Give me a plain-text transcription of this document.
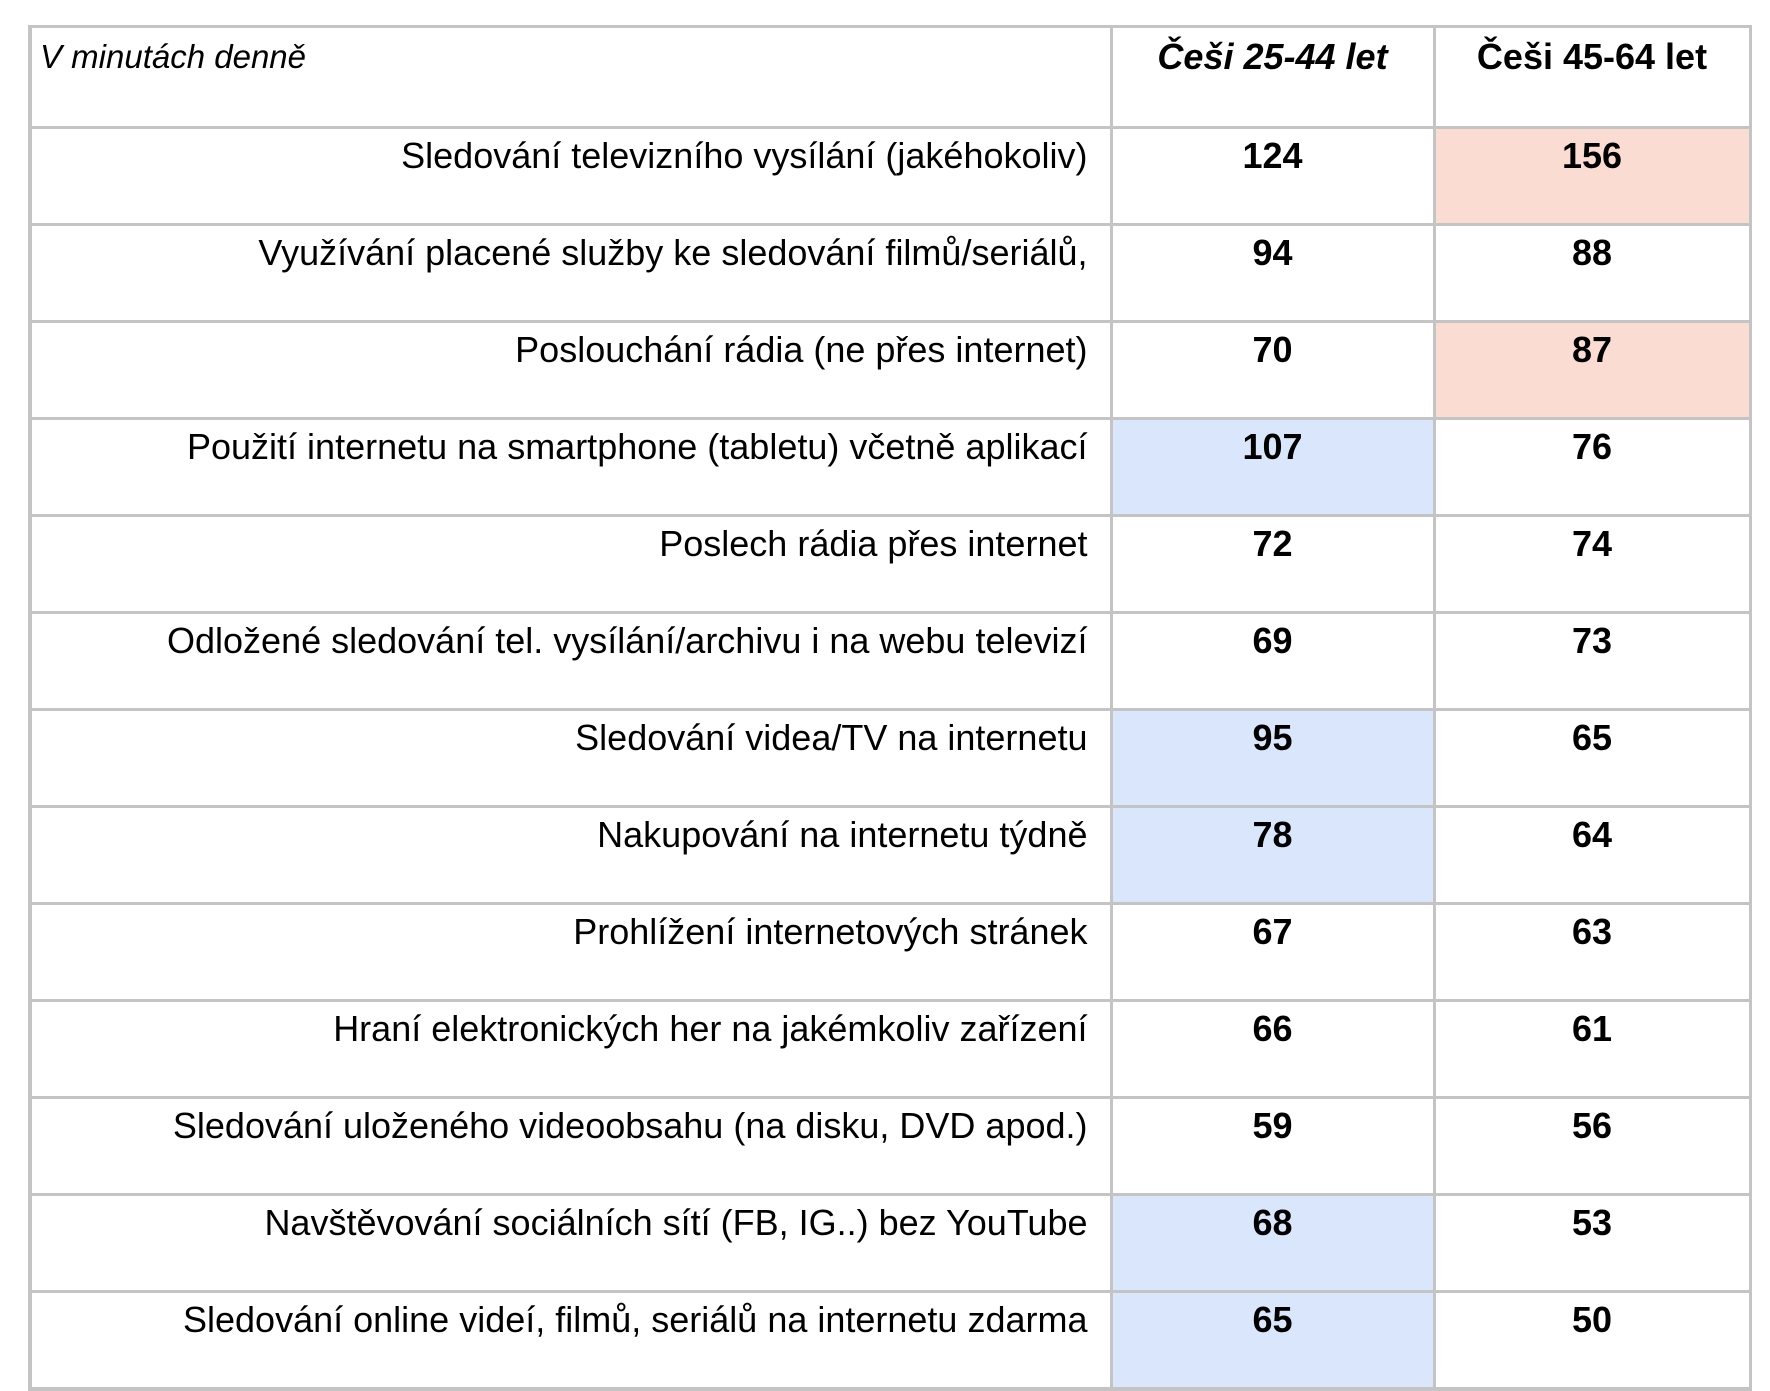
V minutách denně	Češi 25-44 let	Češi 45-64 let
Sledování televizního vysílání (jakéhokoliv)	124	156
Využívání placené služby ke sledování filmů/seriálů,	94	88
Poslouchání rádia (ne přes internet)	70	87
Použití internetu na smartphone (tabletu) včetně aplikací	107	76
Poslech rádia přes internet	72	74
Odložené sledování tel. vysílání/archivu i na webu televizí	69	73
Sledování videa/TV na internetu	95	65
Nakupování na internetu týdně	78	64
Prohlížení internetových stránek	67	63
Hraní elektronických her na jakémkoliv zařízení	66	61
Sledování uloženého videoobsahu (na disku, DVD apod.)	59	56
Navštěvování sociálních sítí (FB, IG..) bez YouTube	68	53
Sledování online videí, filmů, seriálů na internetu zdarma	65	50
